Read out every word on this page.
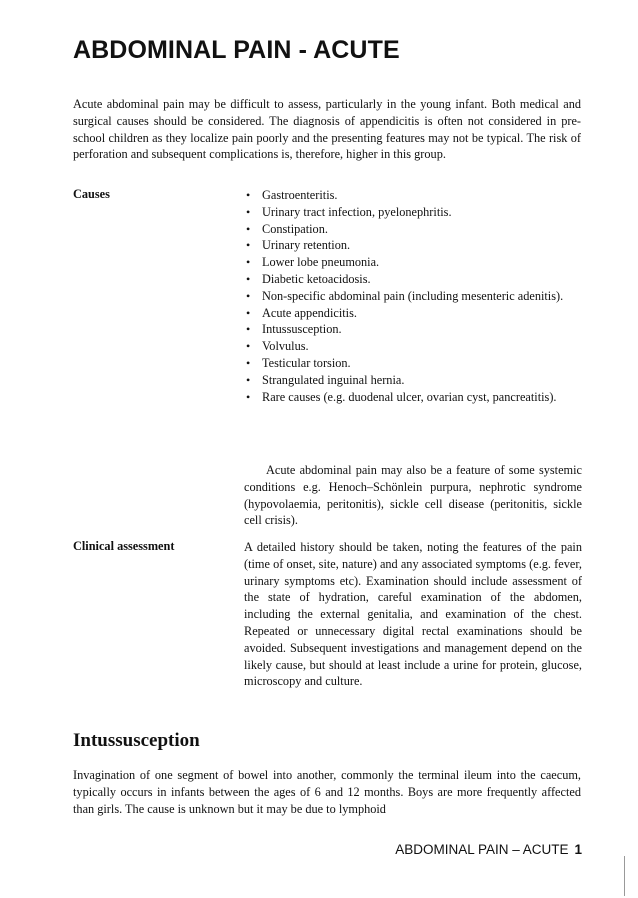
ABDOMINAL PAIN - ACUTE

Acute abdominal pain may be difficult to assess, particularly in the young infant. Both medical and surgical causes should be considered. The diagnosis of appendicitis is often not considered in pre-school children as they localize pain poorly and the presenting features may not be typical. The risk of perforation and subsequent complications is, therefore, higher in this group.

Causes	• Gastroenteritis.
• Urinary tract infection, pyelonephritis.
• Constipation.
• Urinary retention.
• Lower lobe pneumonia.
• Diabetic ketoacidosis.
• Non-specific abdominal pain (including mesenteric adenitis).
• Acute appendicitis.
• Intussusception.
• Volvulus.
• Testicular torsion.
• Strangulated inguinal hernia.
• Rare causes (e.g. duodenal ulcer, ovarian cyst, pancreatitis).

Acute abdominal pain may also be a feature of some systemic conditions e.g. Henoch–Schönlein purpura, nephrotic syndrome (hypovolaemia, peritonitis), sickle cell disease (peritonitis, sickle cell crisis).

Clinical assessment	A detailed history should be taken, noting the features of the pain (time of onset, site, nature) and any associated symptoms (e.g. fever, urinary symptoms etc). Examination should include assessment of the state of hydration, careful examination of the abdomen, including the external genitalia, and examination of the chest. Repeated or unnecessary digital rectal examinations should be avoided. Subsequent investigations and management depend on the likely cause, but should at least include a urine for protein, glucose, microscopy and culture.

Intussusception

Invagination of one segment of bowel into another, commonly the terminal ileum into the caecum, typically occurs in infants between the ages of 6 and 12 months. Boys are more frequently affected than girls. The cause is unknown but it may be due to lymphoid

ABDOMINAL PAIN – ACUTE 1
